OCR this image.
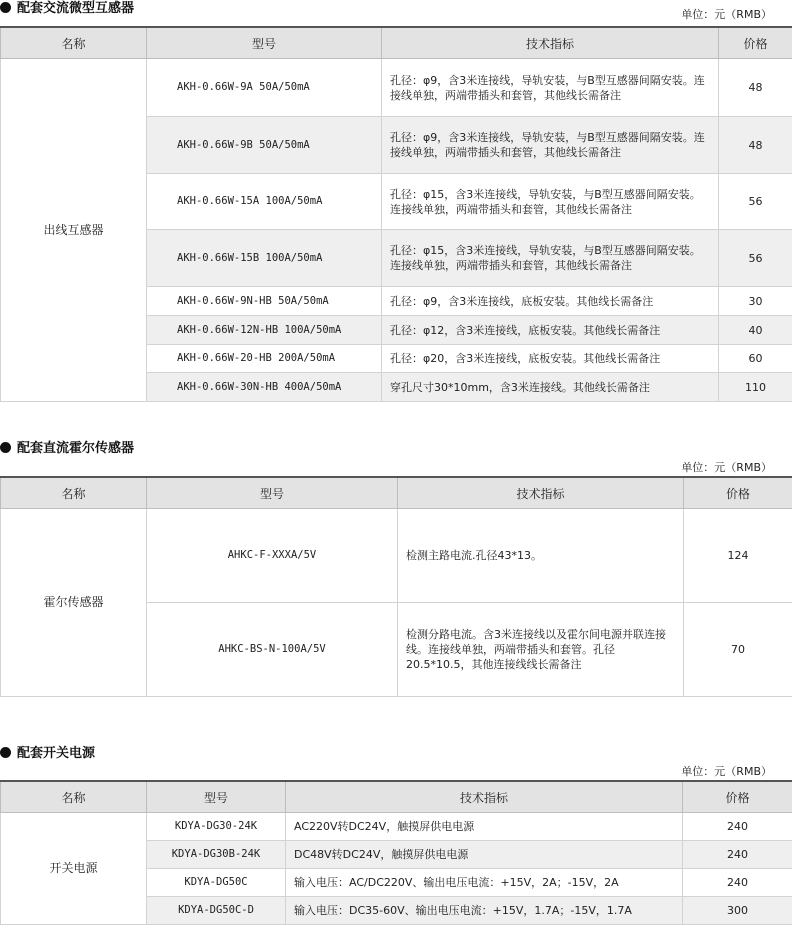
配套交流微型互感器	单位：元（RMB）
名称	型号	技术指标	价格
出线互感器	AKH-0.66W-9A 50A/50mA	孔径：φ9，含3米连接线，导轨安装，与B型互感器间隔安装。连接线单独，两端带插头和套管，其他线长需备注	48
	AKH-0.66W-9B 50A/50mA	孔径：φ9，含3米连接线，导轨安装，与B型互感器间隔安装。连接线单独，两端带插头和套管，其他线长需备注	48
	AKH-0.66W-15A 100A/50mA	孔径：φ15，含3米连接线，导轨安装，与B型互感器间隔安装。连接线单独，两端带插头和套管，其他线长需备注	56
	AKH-0.66W-15B 100A/50mA	孔径：φ15，含3米连接线，导轨安装，与B型互感器间隔安装。连接线单独，两端带插头和套管，其他线长需备注	56
	AKH-0.66W-9N-HB 50A/50mA	孔径：φ9，含3米连接线，底板安装。其他线长需备注	30
	AKH-0.66W-12N-HB 100A/50mA	孔径：φ12，含3米连接线，底板安装。其他线长需备注	40
	AKH-0.66W-20-HB 200A/50mA	孔径：φ20，含3米连接线，底板安装。其他线长需备注	60
	AKH-0.66W-30N-HB 400A/50mA	穿孔尺寸30*10mm，含3米连接线。其他线长需备注	110
配套直流霍尔传感器
单位：元（RMB）
名称	型号	技术指标	价格
霍尔传感器	AHKC-F-XXXA/5V	检测主路电流.孔径43*13。	124
	AHKC-BS-N-100A/5V	检测分路电流。含3米连接线以及霍尔间电源并联连接线。连接线单独，两端带插头和套管。孔径20.5*10.5，其他连接线线长需备注	70
配套开关电源
单位：元（RMB）
名称	型号	技术指标	价格
开关电源	KDYA-DG30-24K	AC220V转DC24V，触摸屏供电电源	240
	KDYA-DG30B-24K	DC48V转DC24V，触摸屏供电电源	240
	KDYA-DG50C	输入电压：AC/DC220V、输出电压电流：+15V，2A；-15V，2A	240
	KDYA-DG50C-D	输入电压：DC35-60V、输出电压电流：+15V，1.7A；-15V，1.7A	300
